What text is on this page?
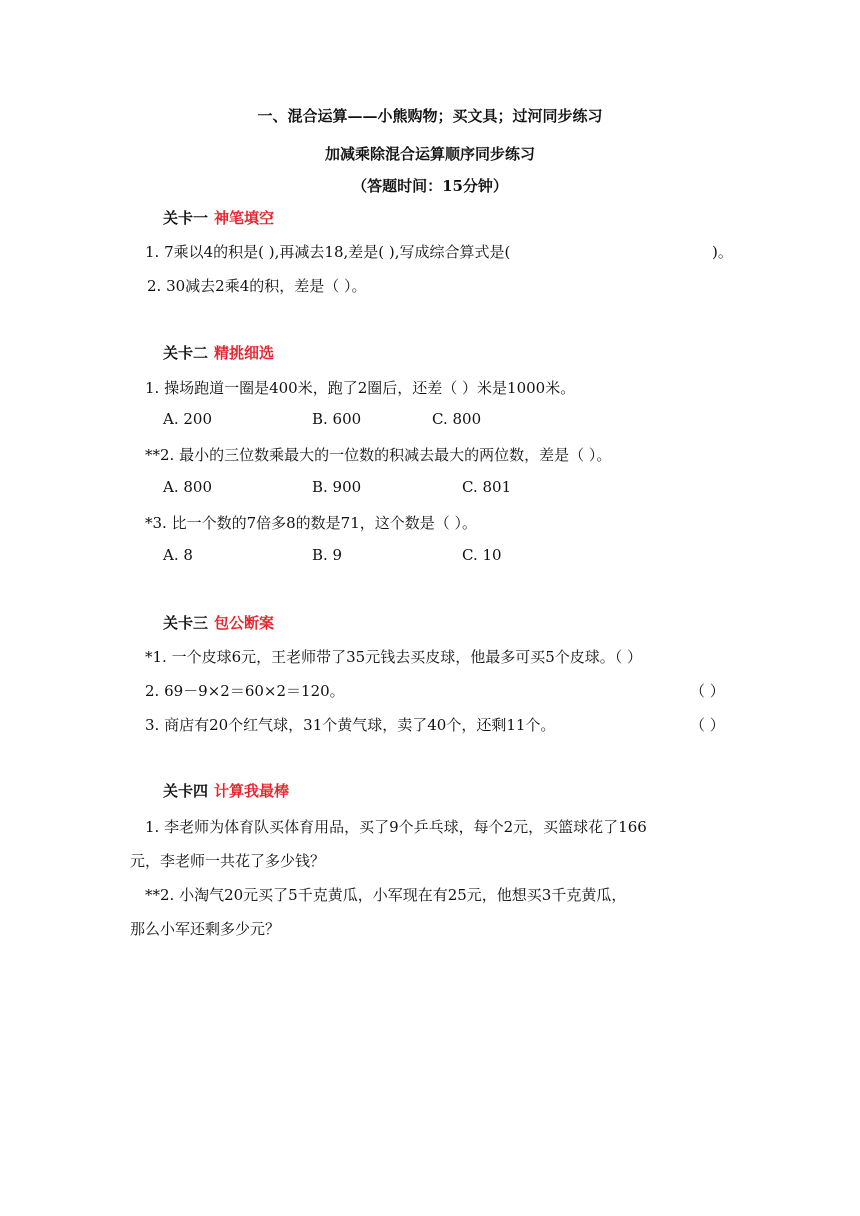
一、混合运算——小熊购物；买文具；过河同步练习
加减乘除混合运算顺序同步练习
（答题时间：15分钟）
关卡一 神笔填空
1. 7乘以4的积是( ),再减去18,差是( ),写成综合算式是(	)。
2. 30减去2乘4的积，差是（ ）。
关卡二 精挑细选
1. 操场跑道一圈是400米，跑了2圈后，还差（ ）米是1000米。
A. 200	B. 600	C. 800
**2. 最小的三位数乘最大的一位数的积减去最大的两位数，差是（ ）。
A. 800	B. 900	C. 801
*3. 比一个数的7倍多8的数是71，这个数是（ ）。
A. 8	B. 9	C. 10
关卡三 包公断案
*1. 一个皮球6元，王老师带了35元钱去买皮球，他最多可买5个皮球。（ ）
2. 69－9×2＝60×2＝120。	（ ）
3. 商店有20个红气球，31个黄气球，卖了40个，还剩11个。	（ ）
关卡四 计算我最棒
1. 李老师为体育队买体育用品，买了9个乒乓球，每个2元，买篮球花了166
元，李老师一共花了多少钱？
**2. 小淘气20元买了5千克黄瓜，小军现在有25元，他想买3千克黄瓜，
那么小军还剩多少元？
